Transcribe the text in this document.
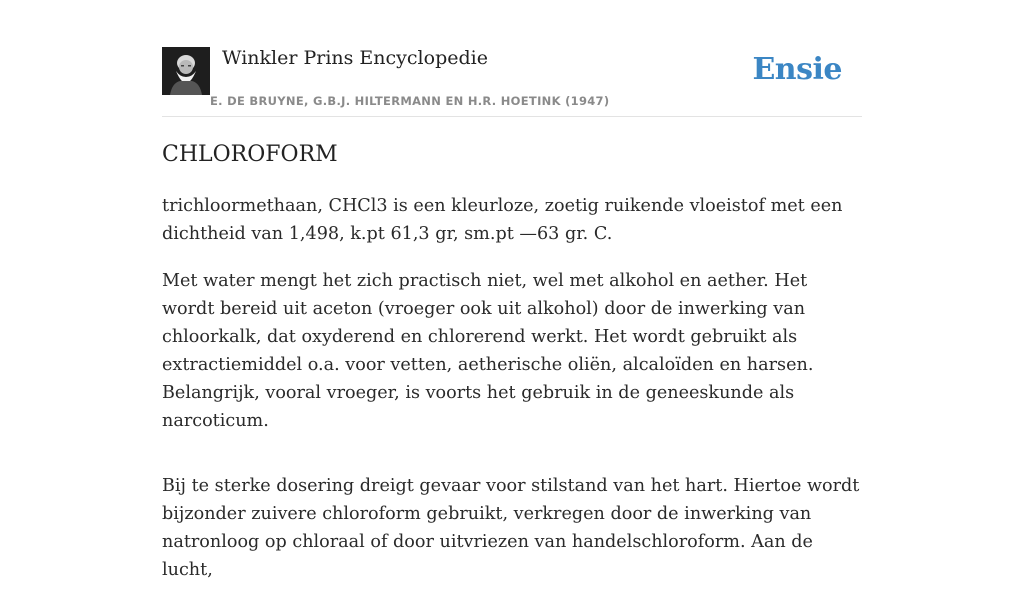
Winkler Prins Encyclopedie
E. DE BRUYNE, G.B.J. HILTERMANN EN H.R. HOETINK (1947)
Ensie
CHLOROFORM

trichloormethaan, CHCl3 is een kleurloze, zoetig ruikende vloeistof met een dichtheid van 1,498, k.pt 61,3 gr, sm.pt —63 gr. C.

Met water mengt het zich practisch niet, wel met alkohol en aether. Het wordt bereid uit aceton (vroeger ook uit alkohol) door de inwerking van chloorkalk, dat oxyderend en chlorerend werkt. Het wordt gebruikt als extractiemiddel o.a. voor vetten, aetherische oliën, alcaloïden en harsen. Belangrijk, vooral vroeger, is voorts het gebruik in de geneeskunde als narcoticum.

Bij te sterke dosering dreigt gevaar voor stilstand van het hart. Hiertoe wordt bijzonder zuivere chloroform gebruikt, verkregen door de inwerking van natronloog op chloraal of door uitvriezen van handelschloroform. Aan de lucht,
